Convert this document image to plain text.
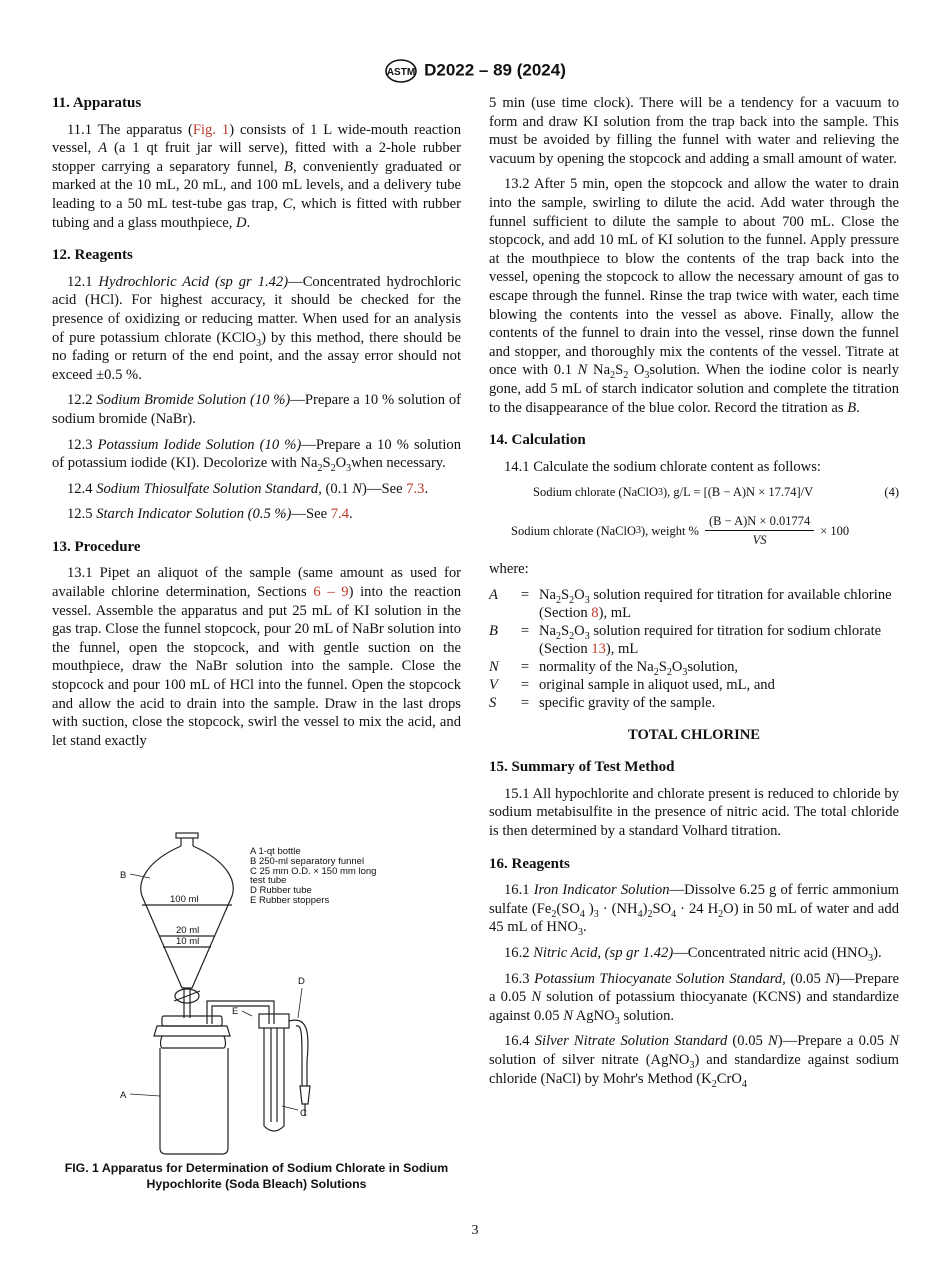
ASTM D2022 – 89 (2024)
11. Apparatus

11.1 The apparatus (Fig. 1) consists of 1 L wide-mouth reaction vessel, A (a 1 qt fruit jar will serve), fitted with a 2-hole rubber stopper carrying a separatory funnel, B, conveniently graduated or marked at the 10 mL, 20 mL, and 100 mL levels, and a delivery tube leading to a 50 mL test-tube gas trap, C, which is fitted with rubber tubing and a glass mouthpiece, D.

12. Reagents

12.1 Hydrochloric Acid (sp gr 1.42)—Concentrated hydrochloric acid (HCl). For highest accuracy, it should be checked for the presence of oxidizing or reducing matter. When used for an analysis of pure potassium chlorate (KClO$_3$) by this method, there should be no fading or return of the end point, and the assay error should not exceed ±0.5 %.

12.2 Sodium Bromide Solution (10 %)—Prepare a 10 % solution of sodium bromide (NaBr).

12.3 Potassium Iodide Solution (10 %)—Prepare a 10 % solution of potassium iodide (KI). Decolorize with $Na_2S_2O_3when$ necessary.

12.4 Sodium Thiosulfate Solution Standard, (0.1 N)—See 7.3.

12.5 Starch Indicator Solution (0.5 %)—See 7.4.

13. Procedure

13.1 Pipet an aliquot of the sample (same amount as used for available chlorine determination, Sections 6 – 9) into the reaction vessel. Assemble the apparatus and put 25 mL of KI solution in the gas trap. Close the funnel stopcock, pour 20 mL of NaBr solution into the funnel, open the stopcock, and with gentle suction on the mouthpiece, draw the NaBr solution into the sample. Close the stopcock and pour 100 mL of HCl into the funnel. Open the stopcock and allow the acid to drain into the sample. Draw in the last drops with suction, close the stopcock, swirl the vessel to mix the acid, and let stand exactly

100 ml
20 ml
10 ml
B
A
D
E
C
A 1-qt bottle
B 250-ml separatory funnel
C 25 mm O.D. × 150 mm long
test tube
D Rubber tube
E Rubber stoppers
FIG. 1 Apparatus for Determination of Sodium Chlorate in Sodium Hypochlorite (Soda Bleach) Solutions

5 min (use time clock). There will be a tendency for a vacuum to form and draw KI solution from the trap back into the sample. This must be avoided by filling the funnel with water and relieving the vacuum by opening the stopcock and adding a small amount of water.

13.2 After 5 min, open the stopcock and allow the water to drain into the sample, swirling to dilute the acid. Add water through the funnel sufficient to dilute the sample to about 700 mL. Close the stopcock, and add 10 mL of KI solution to the funnel. Apply pressure at the mouthpiece to blow the contents of the trap back into the vessel, opening the stopcock to allow the necessary amount of gas to escape through the funnel. Rinse the trap twice with water, each time blowing the contents into the vessel as above. Finally, allow the contents of the funnel to drain into the vessel, rinse down the funnel and stopper, and thoroughly mix the contents of the vessel. Titrate at once with 0.1 N $Na_2S_2$ $O_3solution$. When the iodine color is nearly gone, add 5 mL of starch indicator solution and complete the titration to the disappearance of the blue color. Record the titration as B.

14. Calculation

14.1 Calculate the sodium chlorate content as follows:

Sodium chlorate (NaClO 3 ), g/L = [(B − A)N × 17.74]/V	(4)
Sodium chlorate (NaClO 3 ), weight % $\frac{(B - A)N \times 0.01774}{VS} \times 100$

where:

A	= $Na_2S_2O_3$ solution required for titration for available chlorine (Section 8), mL
B	= $Na_2S_2O_3$ solution required for titration for sodium chlorate (Section 13), mL
N	= normality of the $Na_2S_2O_3solution$,
V	= original sample in aliquot used, mL, and
S	= specific gravity of the sample.
TOTAL CHLORINE
15. Summary of Test Method

15.1 All hypochlorite and chlorate present is reduced to chloride by sodium metabisulfite in the presence of nitric acid. The total chloride is then determined by a standard Volhard titration.

16. Reagents

16.1 Iron Indicator Solution—Dissolve 6.25 g of ferric ammonium sulfate ($Fe_2(SO_4$ )$_3 \cdot (NH_4)_2SO_4 \cdot 24$ $H_2O$) in 50 mL of water and add 45 mL of $HNO_3$.

16.2 Nitric Acid, (sp gr 1.42)—Concentrated nitric acid $(HNO_3)$.

16.3 Potassium Thiocyanate Solution Standard, (0.05 N)—Prepare a 0.05 N solution of potassium thiocyanate (KCNS) and standardize against 0.05 N AgNO$_3$ solution.

16.4 Silver Nitrate Solution Standard (0.05 N)—Prepare a 0.05 N solution of silver nitrate (AgNO$_3$) and standardize against sodium chloride (NaCl) by Mohr's Method ($K_2CrO_4$

3
